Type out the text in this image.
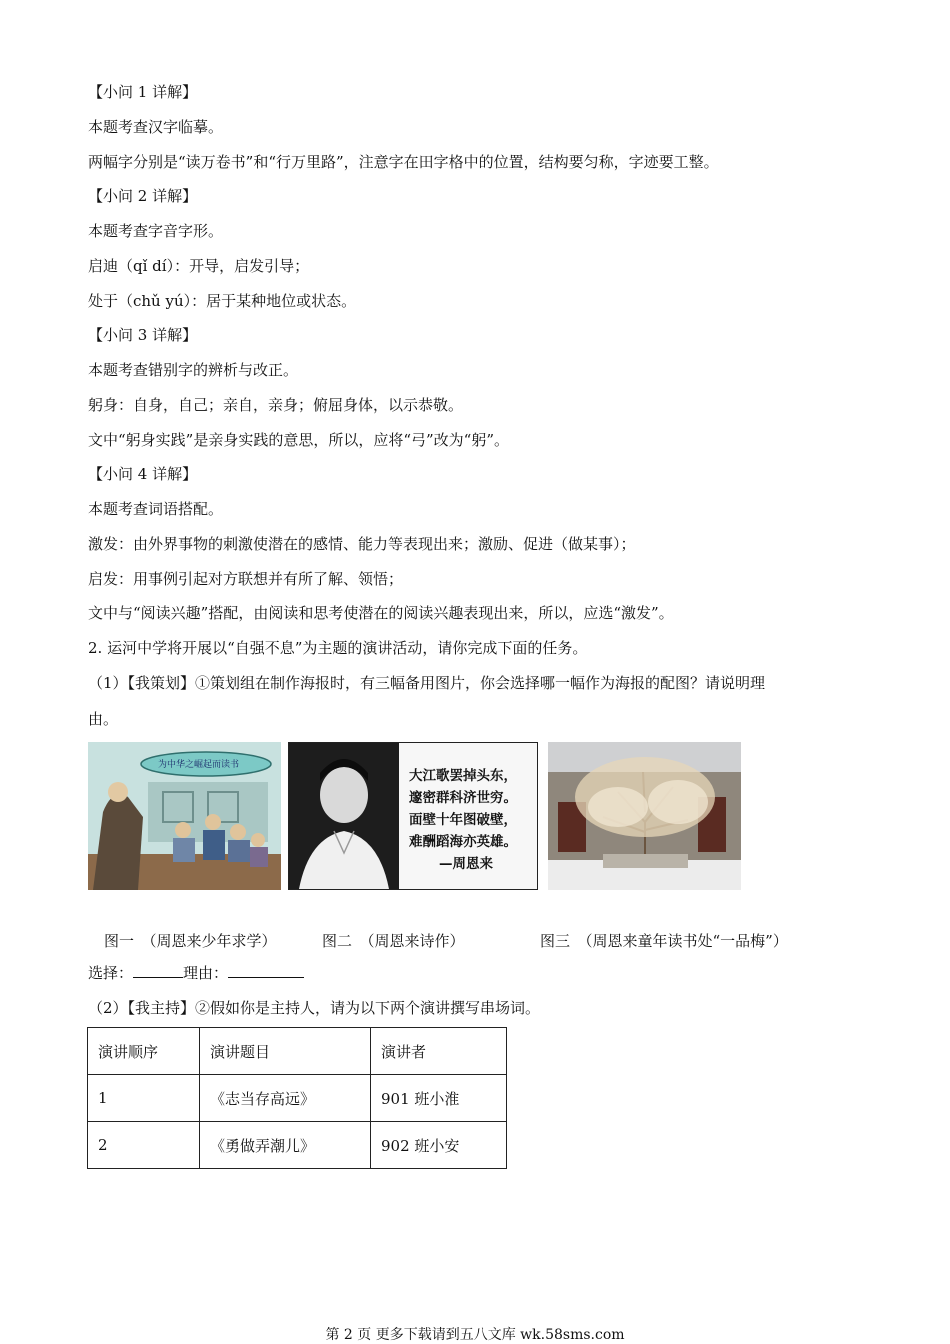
【小问 1 详解】
本题考查汉字临摹。
两幅字分别是“读万卷书”和“行万里路”，注意字在田字格中的位置，结构要匀称，字迹要工整。
【小问 2 详解】
本题考查字音字形。
启迪（qǐ dí）：开导，启发引导；
处于（chǔ yú）：居于某种地位或状态。
【小问 3 详解】
本题考查错别字的辨析与改正。
躬身：自身，自己；亲自，亲身；俯屈身体，以示恭敬。
文中“躬身实践”是亲身实践的意思，所以，应将“弓”改为“躬”。
【小问 4 详解】
本题考查词语搭配。
激发：由外界事物的刺激使潜在的感情、能力等表现出来；激励、促进（做某事）；
启发：用事例引起对方联想并有所了解、领悟；
文中与“阅读兴趣”搭配，由阅读和思考使潜在的阅读兴趣表现出来，所以，应选“激发”。
2. 运河中学将开展以“自强不息”为主题的演讲活动，请你完成下面的任务。
（1）【我策划】①策划组在制作海报时，有三幅备用图片，你会选择哪一幅作为海报的配图？请说明理
由。
为中华之崛起而读书
大江歌罢掉头东，
邃密群科济世穷。
面壁十年图破壁，
难酬蹈海亦英雄。
—周恩来
图一　（周恩来少年求学）	图二　（周恩来诗作）	图三　（周恩来童年读书处“一品梅”）
选择：	理由：
（2）【我主持】②假如你是主持人，请为以下两个演讲撰写串场词。
演讲顺序	演讲题目	演讲者
1	《志当存高远》	901 班小淮
2	《勇做弄潮儿》	902 班小安
第 2 页 更多下载请到五八文库 wk.58sms.com
